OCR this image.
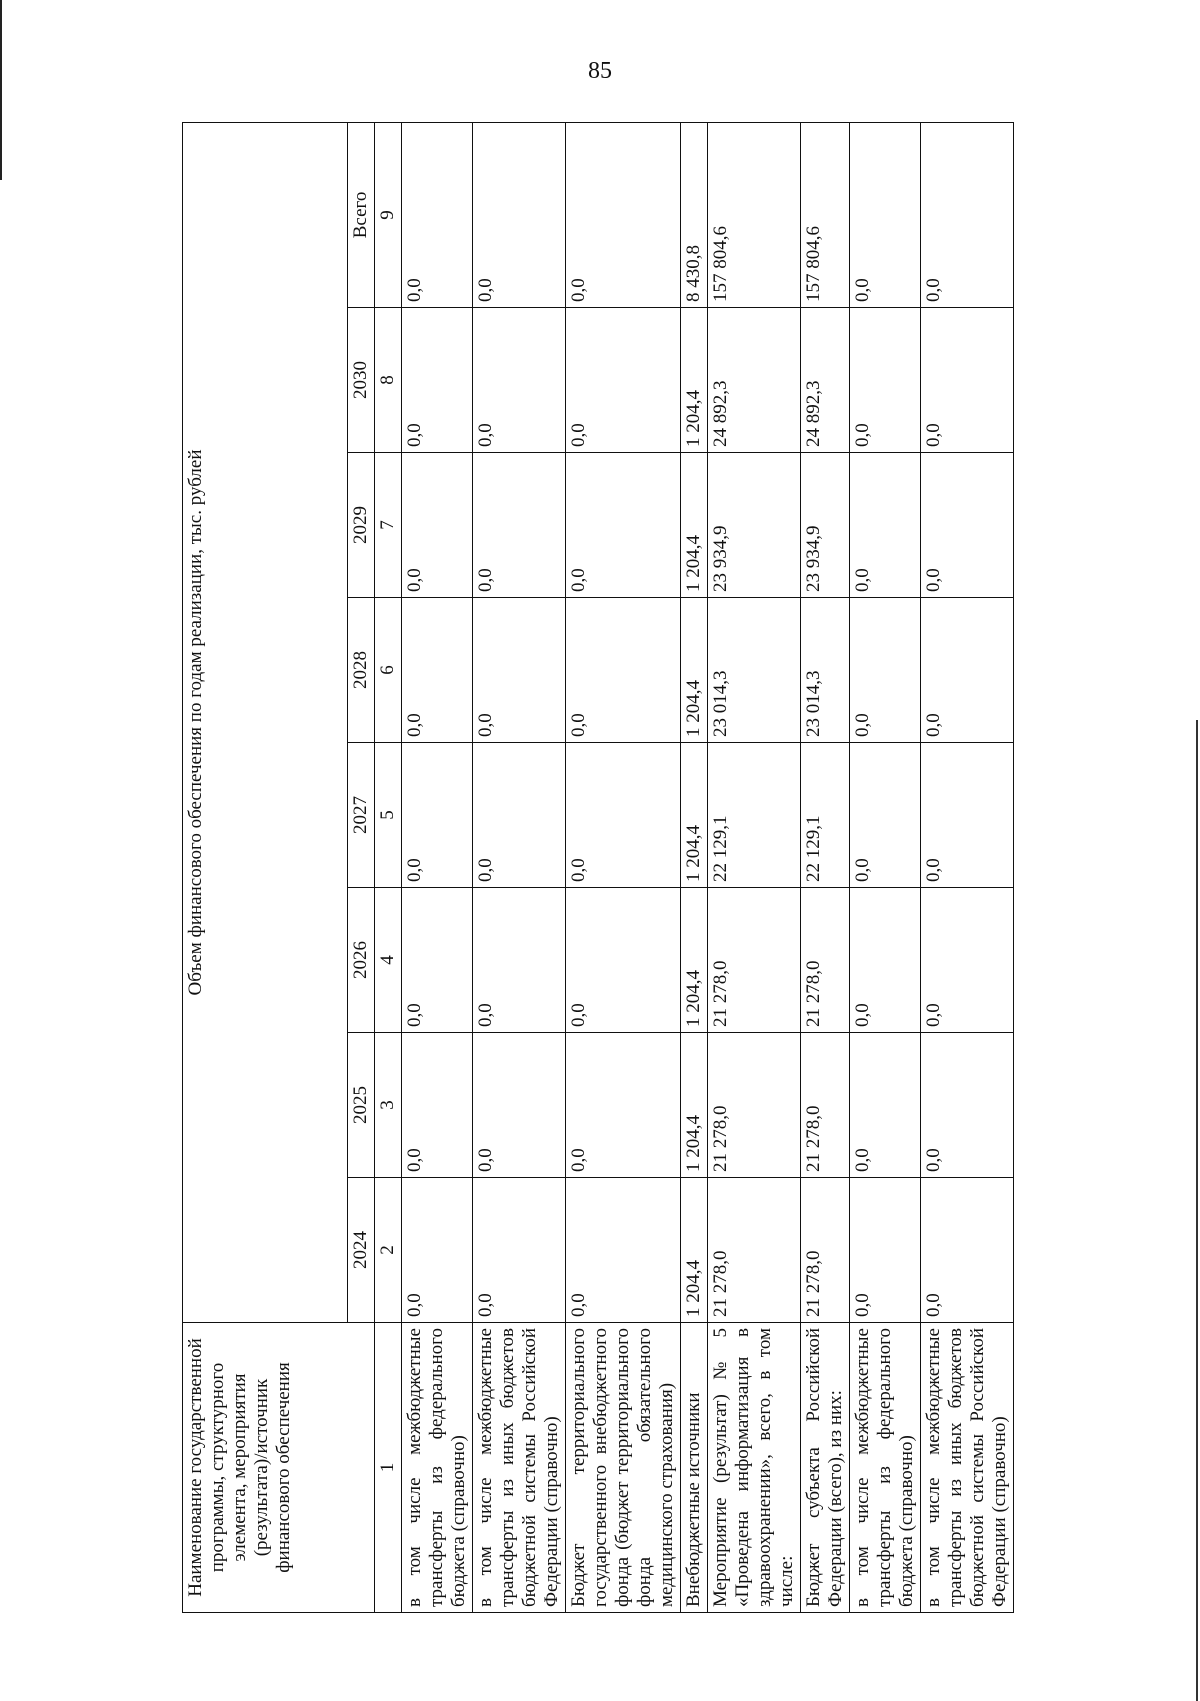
85
Наименование государственной программы, структурного элемента, мероприятия (результата)/источник финансового обеспечения	Объем финансового обеспечения по годам реализации, тыс. рублей							
	2024	2025	2026	2027	2028	2029	2030	Всего
1	2	3	4	5	6	7	8	9
в том числе межбюджетные трансферты из федерального бюджета (справочно)	0,0	0,0	0,0	0,0	0,0	0,0	0,0	0,0

в том числе межбюджетные трансферты из иных бюджетов бюджетной системы Российской Федерации (справочно)	0,0	0,0	0,0	0,0	0,0	0,0	0,0	0,0

Бюджет территориального государственного внебюджетного фонда (бюджет территориального фонда обязательного медицинского страхования)	0,0	0,0	0,0	0,0	0,0	0,0	0,0	0,0

Внебюджетные источники	1 204,4	1 204,4	1 204,4	1 204,4	1 204,4	1 204,4	1 204,4	8 430,8

Мероприятие (результат) № 5 «Проведена информатизация в здравоохранении», всего, в том числе:	21 278,0	21 278,0	21 278,0	22 129,1	23 014,3	23 934,9	24 892,3	157 804,6

Бюджет субъекта Российской Федерации (всего), из них:	21 278,0	21 278,0	21 278,0	22 129,1	23 014,3	23 934,9	24 892,3	157 804,6

в том числе межбюджетные трансферты из федерального бюджета (справочно)	0,0	0,0	0,0	0,0	0,0	0,0	0,0	0,0

в том числе межбюджетные трансферты из иных бюджетов бюджетной системы Российской Федерации (справочно)	0,0	0,0	0,0	0,0	0,0	0,0	0,0	0,0
